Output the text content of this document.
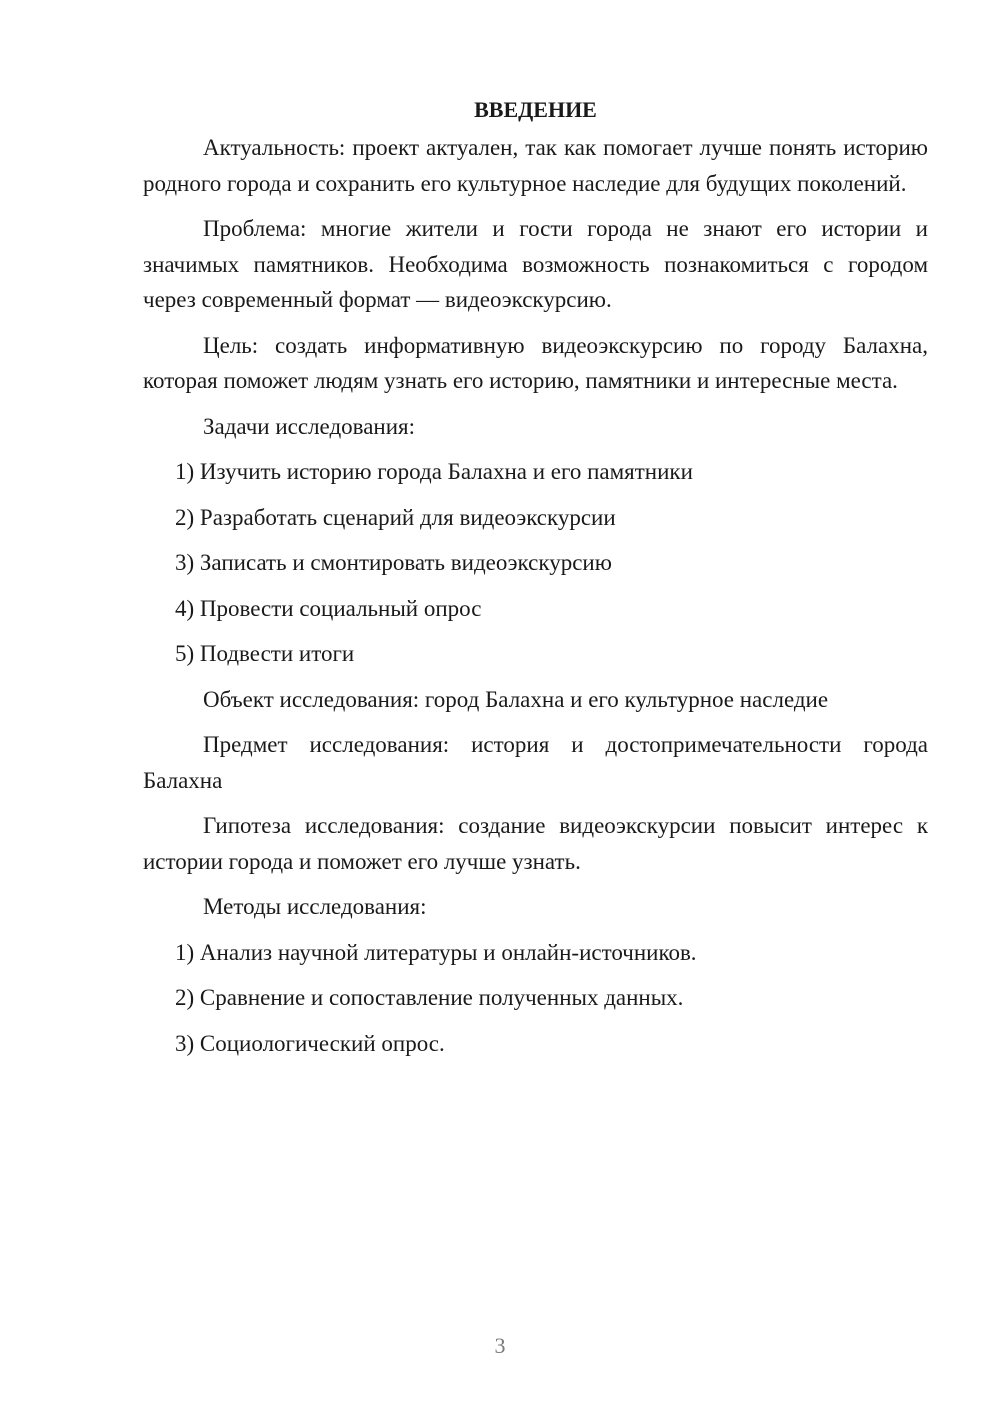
ВВЕДЕНИЕ

Актуальность: проект актуален, так как помогает лучше понять историю родного города и сохранить его культурное наследие для будущих поколений.

Проблема: многие жители и гости города не знают его истории и значимых памятников. Необходима возможность познакомиться с городом через современный формат — видеоэкскурсию.

Цель: создать информативную видеоэкскурсию по городу Балахна, которая поможет людям узнать его историю, памятники и интересные места.

Задачи исследования:
1) Изучить историю города Балахна и его памятники
2) Разработать сценарий для видеоэкскурсии
3) Записать и смонтировать видеоэкскурсию
4) Провести социальный опрос
5) Подвести итоги

Объект исследования: город Балахна и его культурное наследие

Предмет исследования: история и достопримечательности города Балахна

Гипотеза исследования: создание видеоэкскурсии повысит интерес к истории города и поможет его лучше узнать.

Методы исследования:
1) Анализ научной литературы и онлайн-источников.
2) Сравнение и сопоставление полученных данных.
3) Социологический опрос.
3
